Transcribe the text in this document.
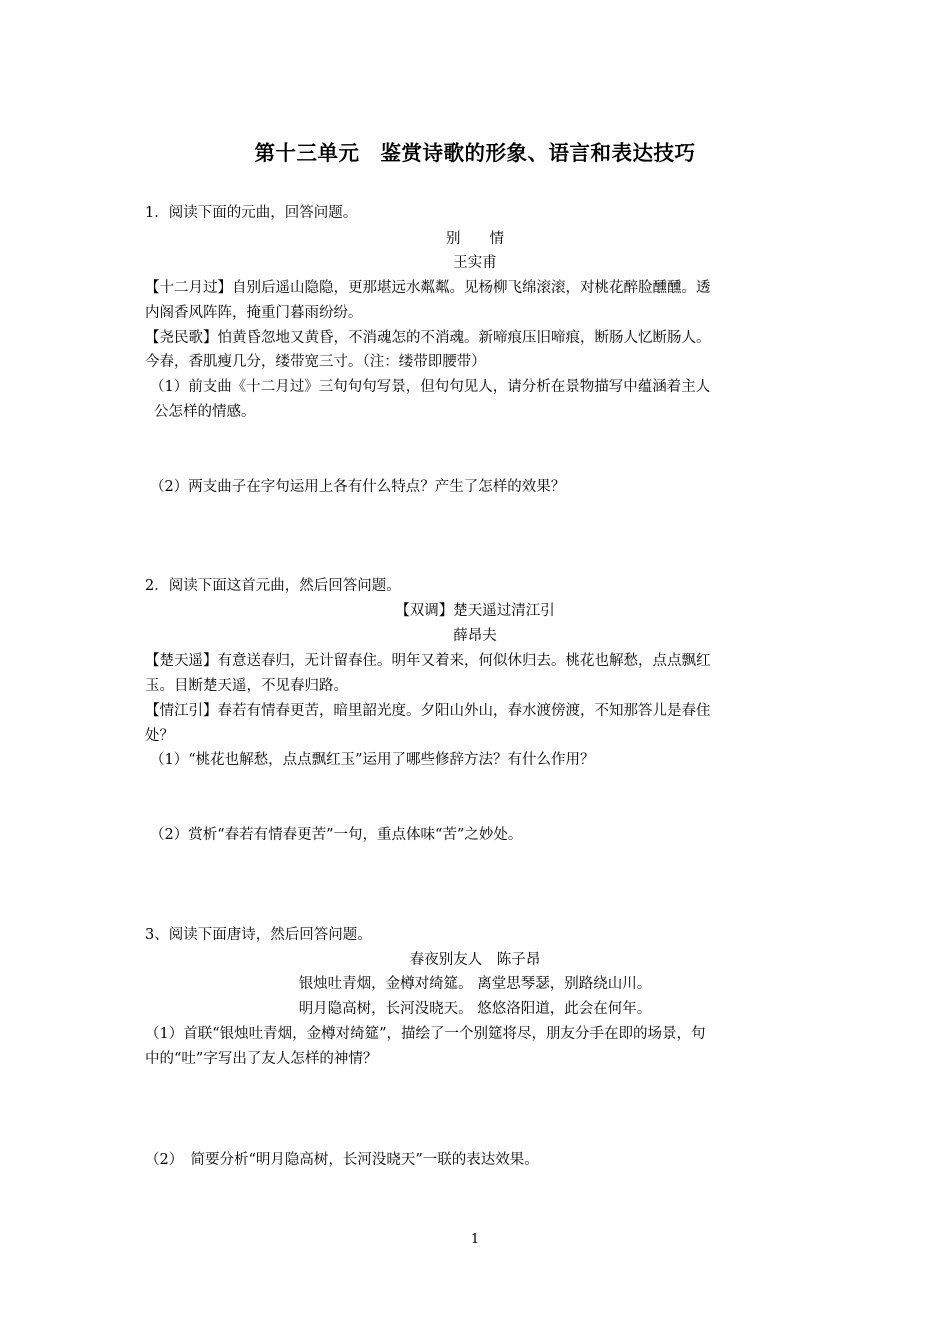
第十三单元　鉴赏诗歌的形象、语言和表达技巧
1．阅读下面的元曲，回答问题。
别　　情
王实甫
【十二月过】自别后遥山隐隐，更那堪远水粼粼。见杨柳飞绵滚滚，对桃花醉脸醺醺。透
内阁香风阵阵，掩重门暮雨纷纷。
【尧民歌】怕黄昏忽地又黄昏，不消魂怎的不消魂。新啼痕压旧啼痕，断肠人忆断肠人。
今春，香肌瘦几分，缕带宽三寸。（注：缕带即腰带）
（1）前支曲《十二月过》三句句句写景，但句句见人，请分析在景物描写中蕴涵着主人
公怎样的情感。
（2）两支曲子在字句运用上各有什么特点？产生了怎样的效果？
2．阅读下面这首元曲，然后回答问题。
【双调】楚天遥过清江引
薛昂夫
【楚天遥】有意送春归，无计留春住。明年又着来，何似休归去。桃花也解愁，点点飘红
玉。目断楚天遥，不见春归路。
【情江引】春若有情春更苦，暗里韶光度。夕阳山外山，春水渡傍渡，不知那答儿是春住
处？
（1）“桃花也解愁，点点飘红玉”运用了哪些修辞方法？有什么作用？
（2）赏析“春若有情春更苦”一句，重点体味“苦”之妙处。
3、阅读下面唐诗，然后回答问题。
春夜别友人　陈子昂
银烛吐青烟，金樽对绮筵。 离堂思琴瑟，别路绕山川。
明月隐高树，长河没晓天。 悠悠洛阳道，此会在何年。
（1）首联“银烛吐青烟，金樽对绮筵”，描绘了一个别筵将尽，朋友分手在即的场景，句
中的“吐”字写出了友人怎样的神情？
（2）　简要分析“明月隐高树，长河没晓天”一联的表达效果。
1
